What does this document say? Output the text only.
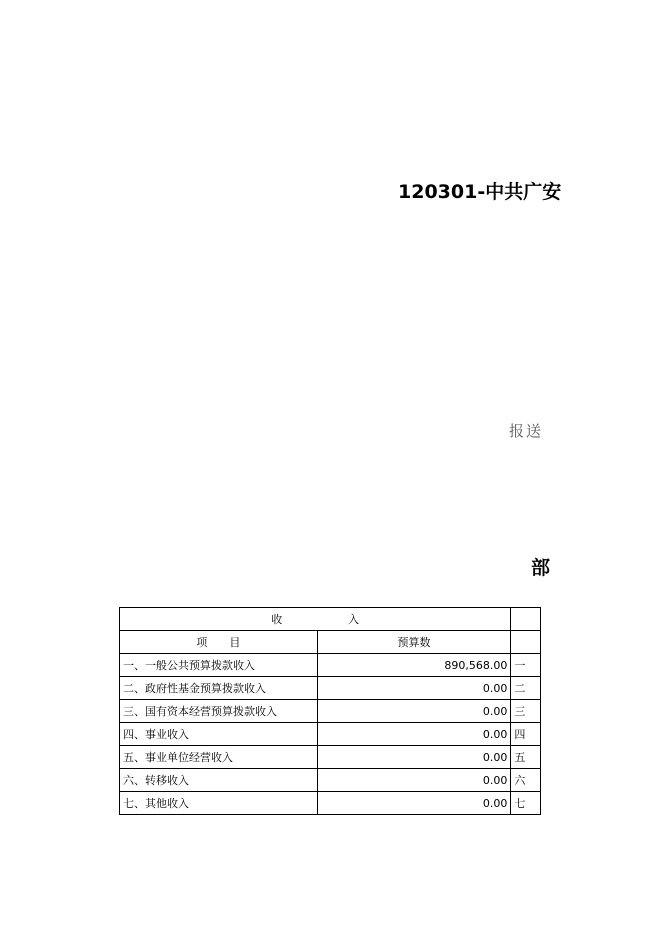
120301-中共广安
报送
部
收　　　　　　入		
项　　目	预算数	
一、一般公共预算拨款收入	890,568.00	一
二、政府性基金预算拨款收入	0.00	二
三、国有资本经营预算拨款收入	0.00	三
四、事业收入	0.00	四
五、事业单位经营收入	0.00	五
六、转移收入	0.00	六
七、其他收入	0.00	七
